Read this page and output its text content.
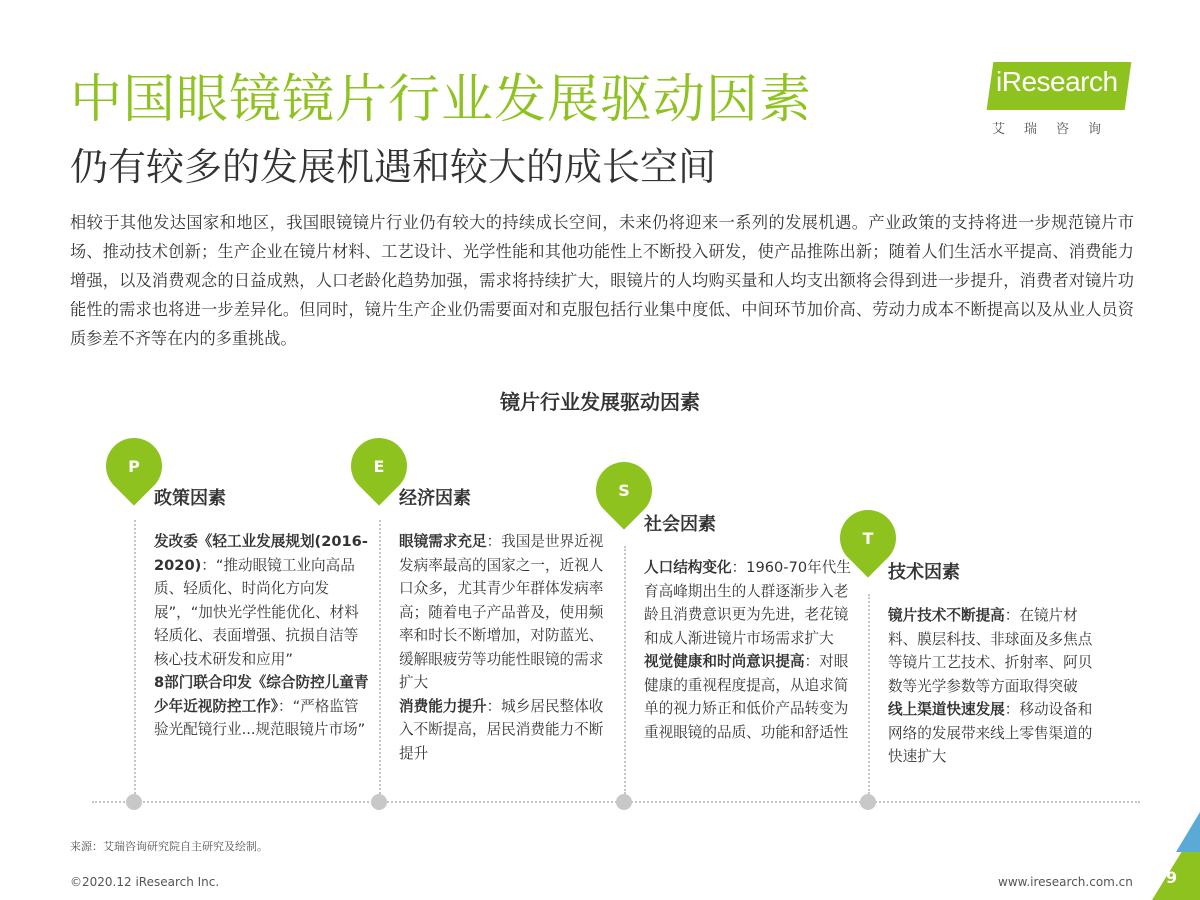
中国眼镜镜片行业发展驱动因素
仍有较多的发展机遇和较大的成长空间
iResearch
艾瑞咨询
相较于其他发达国家和地区，我国眼镜镜片行业仍有较大的持续成长空间，未来仍将迎来一系列的发展机遇。产业政策的支持将进一步规范镜片市场、推动技术创新；生产企业在镜片材料、工艺设计、光学性能和其他功能性上不断投入研发，使产品推陈出新；随着人们生活水平提高、消费能力增强，以及消费观念的日益成熟，人口老龄化趋势加强，需求将持续扩大，眼镜片的人均购买量和人均支出额将会得到进一步提升，消费者对镜片功能性的需求也将进一步差异化。但同时，镜片生产企业仍需要面对和克服包括行业集中度低、中间环节加价高、劳动力成本不断提高以及从业人员资质参差不齐等在内的多重挑战。
镜片行业发展驱动因素
P
政策因素
发改委《轻工业发展规划(2016-2020)：“推动眼镜工业向高品质、轻质化、时尚化方向发展”，“加快光学性能优化、材料轻质化、表面增强、抗损自洁等核心技术研发和应用”
8部门联合印发《综合防控儿童青少年近视防控工作》：“严格监管验光配镜行业...规范眼镜片市场”
E
经济因素
眼镜需求充足：我国是世界近视发病率最高的国家之一，近视人口众多，尤其青少年群体发病率高；随着电子产品普及，使用频率和时长不断增加，对防蓝光、缓解眼疲劳等功能性眼镜的需求扩大
消费能力提升：城乡居民整体收入不断提高，居民消费能力不断提升
S
社会因素
人口结构变化：1960-70年代生育高峰期出生的人群逐渐步入老龄且消费意识更为先进，老花镜和成人渐进镜片市场需求扩大
视觉健康和时尚意识提高：对眼健康的重视程度提高，从追求简单的视力矫正和低价产品转变为重视眼镜的品质、功能和舒适性
T
技术因素
镜片技术不断提高：在镜片材料、膜层科技、非球面及多焦点等镜片工艺技术、折射率、阿贝数等光学参数等方面取得突破
线上渠道快速发展：移动设备和网络的发展带来线上零售渠道的快速扩大
来源：艾瑞咨询研究院自主研究及绘制。
©2020.12 iResearch Inc.	www.iresearch.com.cn 9
